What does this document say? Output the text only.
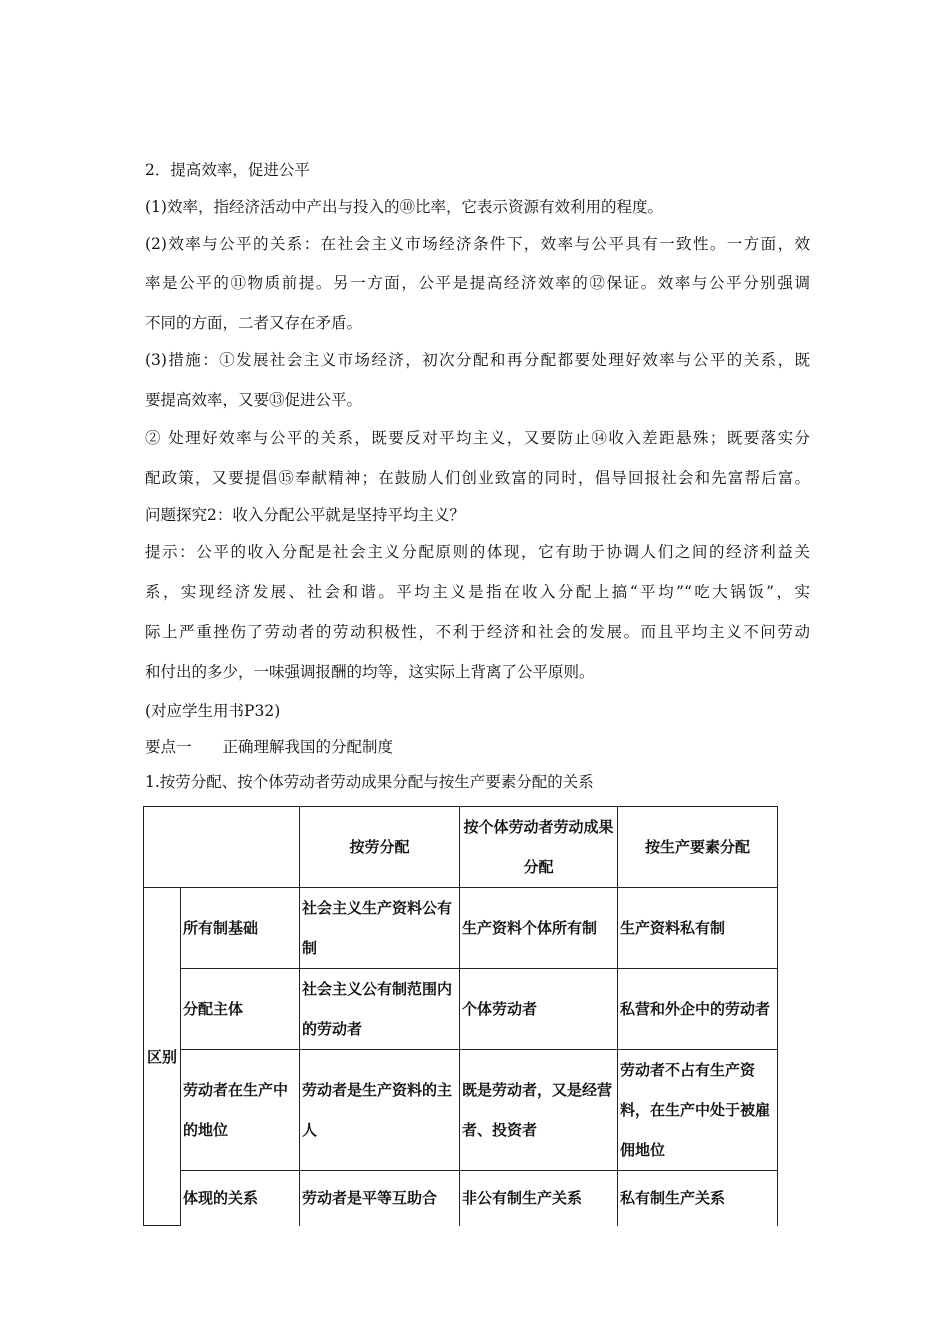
2．提高效率，促进公平
(1)效率，指经济活动中产出与投入的⑩比率，它表示资源有效利用的程度。
(2)效率与公平的关系：在社会主义市场经济条件下，效率与公平具有一致性。一方面，效
率是公平的⑪物质前提。另一方面，公平是提高经济效率的⑫保证。效率与公平分别强调
不同的方面，二者又存在矛盾。
(3)措施：①发展社会主义市场经济，初次分配和再分配都要处理好效率与公平的关系，既
要提高效率，又要⑬促进公平。
② 处理好效率与公平的关系，既要反对平均主义，又要防止⑭收入差距悬殊；既要落实分
配政策，又要提倡⑮奉献精神；在鼓励人们创业致富的同时，倡导回报社会和先富帮后富。
问题探究2：收入分配公平就是坚持平均主义？
提示：公平的收入分配是社会主义分配原则的体现，它有助于协调人们之间的经济利益关
系，实现经济发展、社会和谐。平均主义是指在收入分配上搞“平均”“吃大锅饭”，实
际上严重挫伤了劳动者的劳动积极性，不利于经济和社会的发展。而且平均主义不问劳动
和付出的多少，一味强调报酬的均等，这实际上背离了公平原则。
(对应学生用书P32)
要点一　　正确理解我国的分配制度
1.按劳分配、按个体劳动者劳动成果分配与按生产要素分配的关系
		按劳分配	按个体劳动者劳动成果分配	按生产要素分配
区别	所有制基础	社会主义生产资料公有制	生产资料个体所有制	生产资料私有制
	分配主体	社会主义公有制范围内的劳动者	个体劳动者	私营和外企中的劳动者
	劳动者在生产中的地位	劳动者是生产资料的主人	既是劳动者，又是经营者、投资者	劳动者不占有生产资料，在生产中处于被雇佣地位
	体现的关系	劳动者是平等互助合	非公有制生产关系	私有制生产关系
